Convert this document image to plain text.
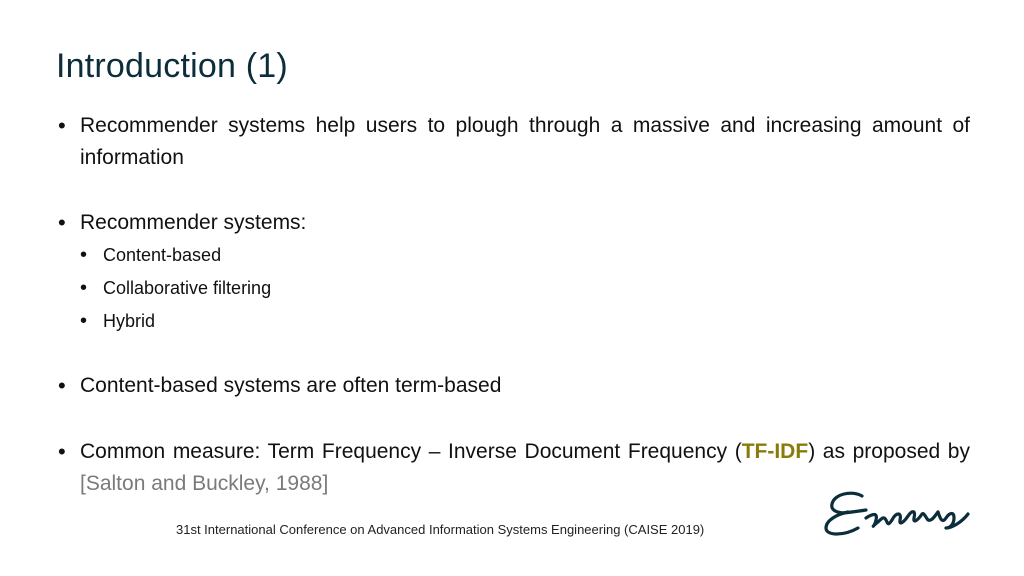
Introduction (1)
• Recommender systems help users to plough through a massive and increasing amount of information
• Recommender systems:
• Content-based
• Collaborative filtering
• Hybrid
• Content-based systems are often term-based
• Common measure: Term Frequency – Inverse Document Frequency (TF-IDF) as proposed by [Salton and Buckley, 1988]
31st International Conference on Advanced Information Systems Engineering (CAISE 2019)
